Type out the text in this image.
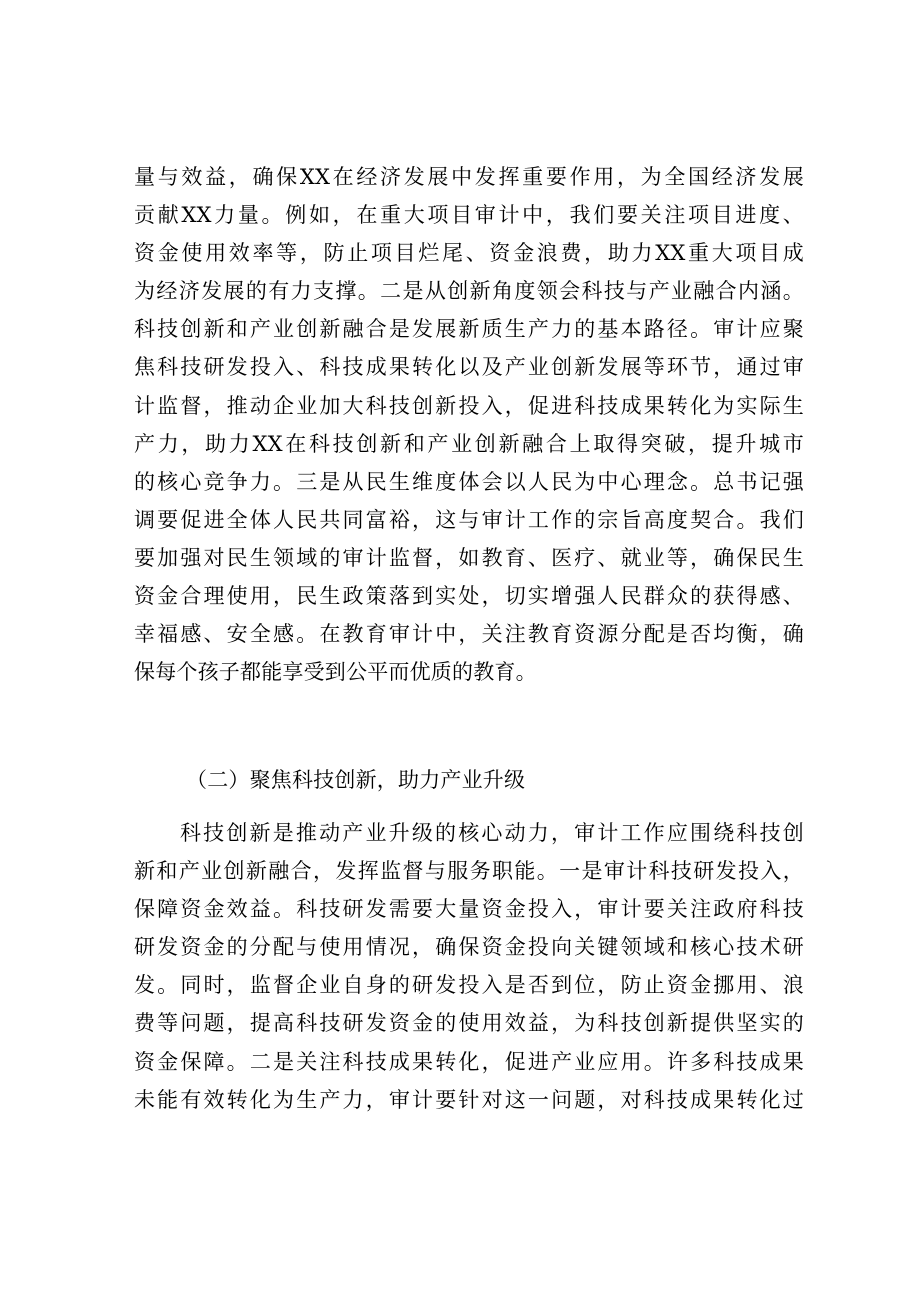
量与效益，确保XX在经济发展中发挥重要作用，为全国经济发展
贡献XX力量。例如，在重大项目审计中，我们要关注项目进度、
资金使用效率等，防止项目烂尾、资金浪费，助力XX重大项目成
为经济发展的有力支撑。二是从创新角度领会科技与产业融合内涵。
科技创新和产业创新融合是发展新质生产力的基本路径。审计应聚
焦科技研发投入、科技成果转化以及产业创新发展等环节，通过审
计监督，推动企业加大科技创新投入，促进科技成果转化为实际生
产力，助力XX在科技创新和产业创新融合上取得突破，提升城市
的核心竞争力。三是从民生维度体会以人民为中心理念。总书记强
调要促进全体人民共同富裕，这与审计工作的宗旨高度契合。我们
要加强对民生领域的审计监督，如教育、医疗、就业等，确保民生
资金合理使用，民生政策落到实处，切实增强人民群众的获得感、
幸福感、安全感。在教育审计中，关注教育资源分配是否均衡，确
保每个孩子都能享受到公平而优质的教育。

（二）聚焦科技创新，助力产业升级

科技创新是推动产业升级的核心动力，审计工作应围绕科技创
新和产业创新融合，发挥监督与服务职能。一是审计科技研发投入，
保障资金效益。科技研发需要大量资金投入，审计要关注政府科技
研发资金的分配与使用情况，确保资金投向关键领域和核心技术研
发。同时，监督企业自身的研发投入是否到位，防止资金挪用、浪
费等问题，提高科技研发资金的使用效益，为科技创新提供坚实的
资金保障。二是关注科技成果转化，促进产业应用。许多科技成果
未能有效转化为生产力，审计要针对这一问题，对科技成果转化过
